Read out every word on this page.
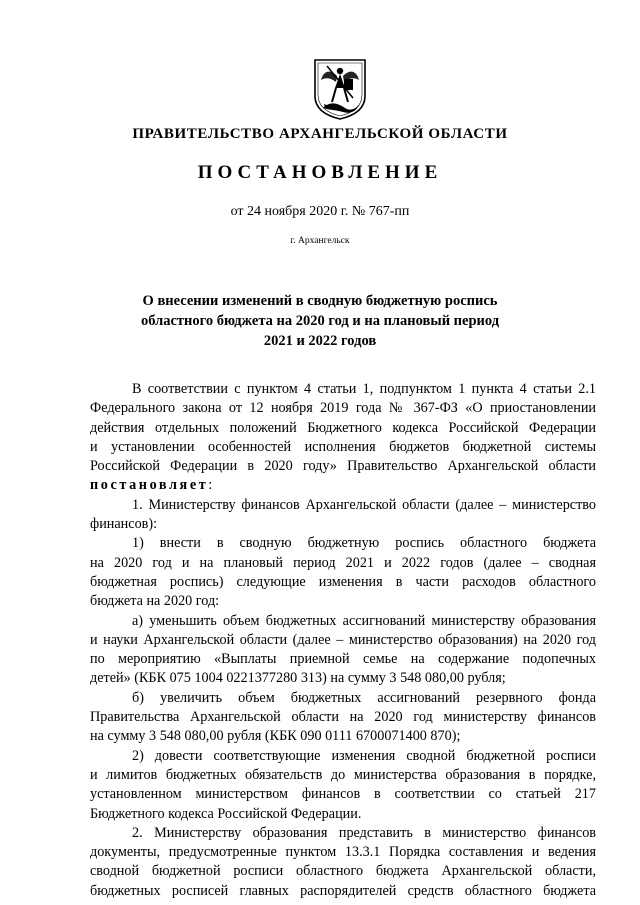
ПРАВИТЕЛЬСТВО АРХАНГЕЛЬСКОЙ ОБЛАСТИ
ПОСТАНОВЛЕНИЕ
от 24 ноября 2020 г. № 767-пп
г. Архангельск
О внесении изменений в сводную бюджетную роспись
областного бюджета на 2020 год и на плановый период
2021 и 2022 годов
В соответствии с пунктом 4 статьи 1, подпунктом 1 пункта 4 статьи 2.1
Федерального закона от 12 ноября 2019 года № 367-ФЗ «О приостановлении
действия отдельных положений Бюджетного кодекса Российской Федерации
и установлении особенностей исполнения бюджетов бюджетной системы
Российской Федерации в 2020 году» Правительство Архангельской области
постановляет:
1. Министерству финансов Архангельской области (далее – министерство
финансов):
1) внести в сводную бюджетную роспись областного бюджета
на 2020 год и на плановый период 2021 и 2022 годов (далее – сводная
бюджетная роспись) следующие изменения в части расходов областного
бюджета на 2020 год:
а) уменьшить объем бюджетных ассигнований министерству образования
и науки Архангельской области (далее – министерство образования) на 2020 год
по мероприятию «Выплаты приемной семье на содержание подопечных
детей» (КБК 075 1004 0221377280 313) на сумму 3 548 080,00 рубля;
б) увеличить объем бюджетных ассигнований резервного фонда
Правительства Архангельской области на 2020 год министерству финансов
на сумму 3 548 080,00 рубля (КБК 090 0111 6700071400 870);
2) довести соответствующие изменения сводной бюджетной росписи
и лимитов бюджетных обязательств до министерства образования в порядке,
установленном министерством финансов в соответствии со статьей 217
Бюджетного кодекса Российской Федерации.
2. Министерству образования представить в министерство финансов
документы, предусмотренные пунктом 13.3.1 Порядка составления и ведения
сводной бюджетной росписи областного бюджета Архангельской области,
бюджетных росписей главных распорядителей средств областного бюджета
